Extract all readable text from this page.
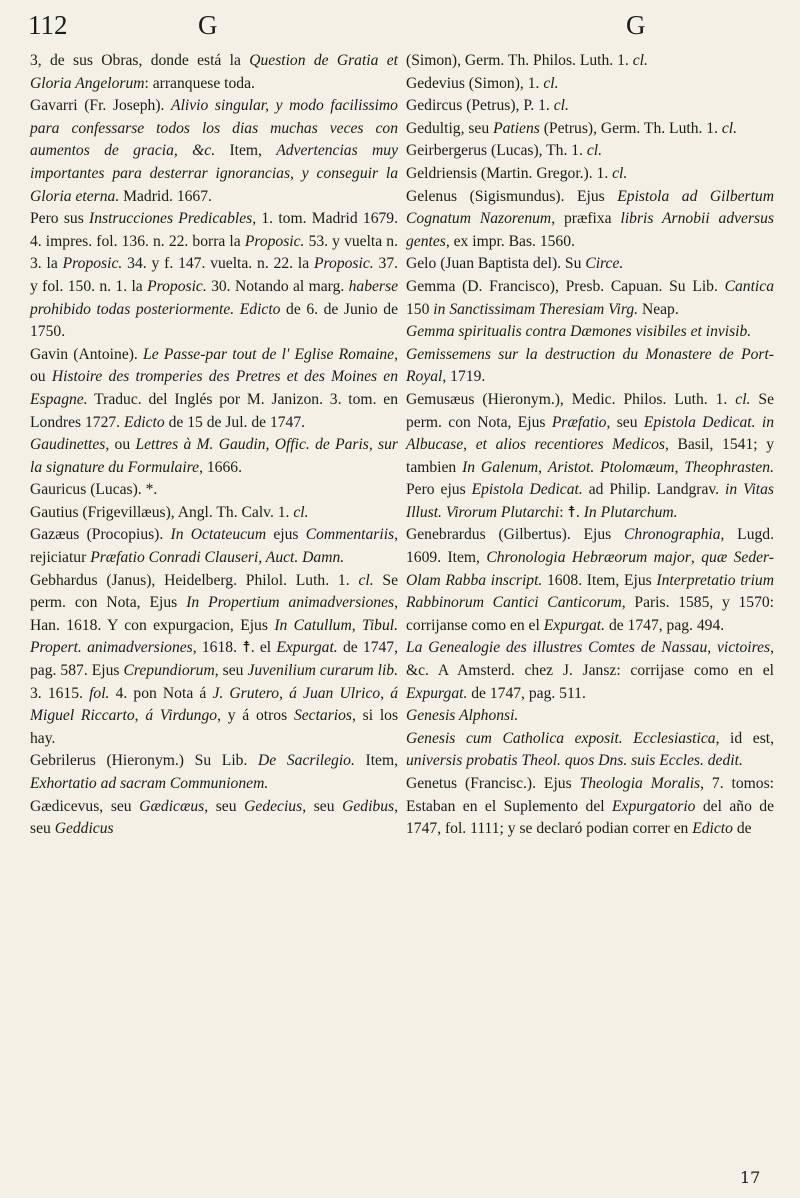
112	G	G

3, de sus Obras, donde está la Question de Gratia et Gloria Angelorum: arranquese toda.

Gavarri (Fr. Joseph). Alivio singular, y modo facilissimo para confessarse todos los dias muchas veces con aumentos de gracia, &c. Item, Advertencias muy importantes para desterrar ignorancias, y conseguir la Gloria eterna. Madrid. 1667.

Pero sus Instrucciones Predicables, 1. tom. Madrid 1679. 4. impres. fol. 136. n. 22. borra la Proposic. 53. y vuelta n. 3. la Proposic. 34. y f. 147. vuelta. n. 22. la Proposic. 37. y fol. 150. n. 1. la Proposic. 30. Notando al marg. haberse prohibido todas posteriormente. Edicto de 6. de Junio de 1750.

Gavin (Antoine). Le Passe-par tout de l' Eglise Romaine, ou Histoire des tromperies des Pretres et des Moines en Espagne. Traduc. del Inglés por M. Janizon. 3. tom. en Londres 1727. Edicto de 15 de Jul. de 1747.

Gaudinettes, ou Lettres à M. Gaudin, Offic. de Paris, sur la signature du Formulaire, 1666.

Gauricus (Lucas). *.

Gautius (Frigevillæus), Angl. Th. Calv. 1. cl.

Gazæus (Procopius). In Octateucum ejus Commentariis, rejiciatur Præfatio Conradi Clauseri, Auct. Damn.

Gebhardus (Janus), Heidelberg. Philol. Luth. 1. cl. Se perm. con Nota, Ejus In Propertium animadversiones, Han. 1618. Y con expurgacion, Ejus In Catullum, Tibul. Propert. animadversiones, 1618. ☨. el Expurgat. de 1747, pag. 587. Ejus Crepundiorum, seu Juvenilium curarum lib. 3. 1615. fol. 4. pon Nota á J. Grutero, á Juan Ulrico, á Miguel Riccarto, á Virdungo, y á otros Sectarios, si los hay.

Gebrilerus (Hieronym.) Su Lib. De Sacrilegio. Item, Exhortatio ad sacram Communionem.

Gædicevus, seu Gædicæus, seu Gedecius, seu Gedibus, seu Geddicus

(Simon), Germ. Th. Philos. Luth. 1. cl.

Gedevius (Simon), 1. cl.

Gedircus (Petrus), P. 1. cl.

Gedultig, seu Patiens (Petrus), Germ. Th. Luth. 1. cl.

Geirbergerus (Lucas), Th. 1. cl.

Geldriensis (Martin. Gregor.). 1. cl.

Gelenus (Sigismundus). Ejus Epistola ad Gilbertum Cognatum Nazorenum, præfixa libris Arnobii adversus gentes, ex impr. Bas. 1560.

Gelo (Juan Baptista del). Su Circe.

Gemma (D. Francisco), Presb. Capuan. Su Lib. Cantica 150 in Sanctissimam Theresiam Virg. Neap.

Gemma spiritualis contra Dæmones visibiles et invisib.

Gemissemens sur la destruction du Monastere de Port-Royal, 1719.

Gemusæus (Hieronym.), Medic. Philos. Luth. 1. cl. Se perm. con Nota, Ejus Præfatio, seu Epistola Dedicat. in Albucase, et alios recentiores Medicos, Basil, 1541; y tambien In Galenum, Aristot. Ptolomæum, Theophrasten. Pero ejus Epistola Dedicat. ad Philip. Landgrav. in Vitas Illust. Virorum Plutarchi: ☨. In Plutarchum.

Genebrardus (Gilbertus). Ejus Chronographia, Lugd. 1609. Item, Chronologia Hebræorum major, quæ Seder-Olam Rabba inscript. 1608. Item, Ejus Interpretatio trium Rabbinorum Cantici Canticorum, Paris. 1585, y 1570: corrijanse como en el Expurgat. de 1747, pag. 494.

La Genealogie des illustres Comtes de Nassau, victoires, &c. A Amsterd. chez J. Jansz: corrijase como en el Expurgat. de 1747, pag. 511.

Genesis Alphonsi.

Genesis cum Catholica exposit. Ecclesiastica, id est, universis probatis Theol. quos Dns. suis Eccles. dedit.

Genetus (Francisc.). Ejus Theologia Moralis, 7. tomos: Estaban en el Suplemento del Expurgatorio del año de 1747, fol. 1111; y se declaró podian correr en Edicto de

17
